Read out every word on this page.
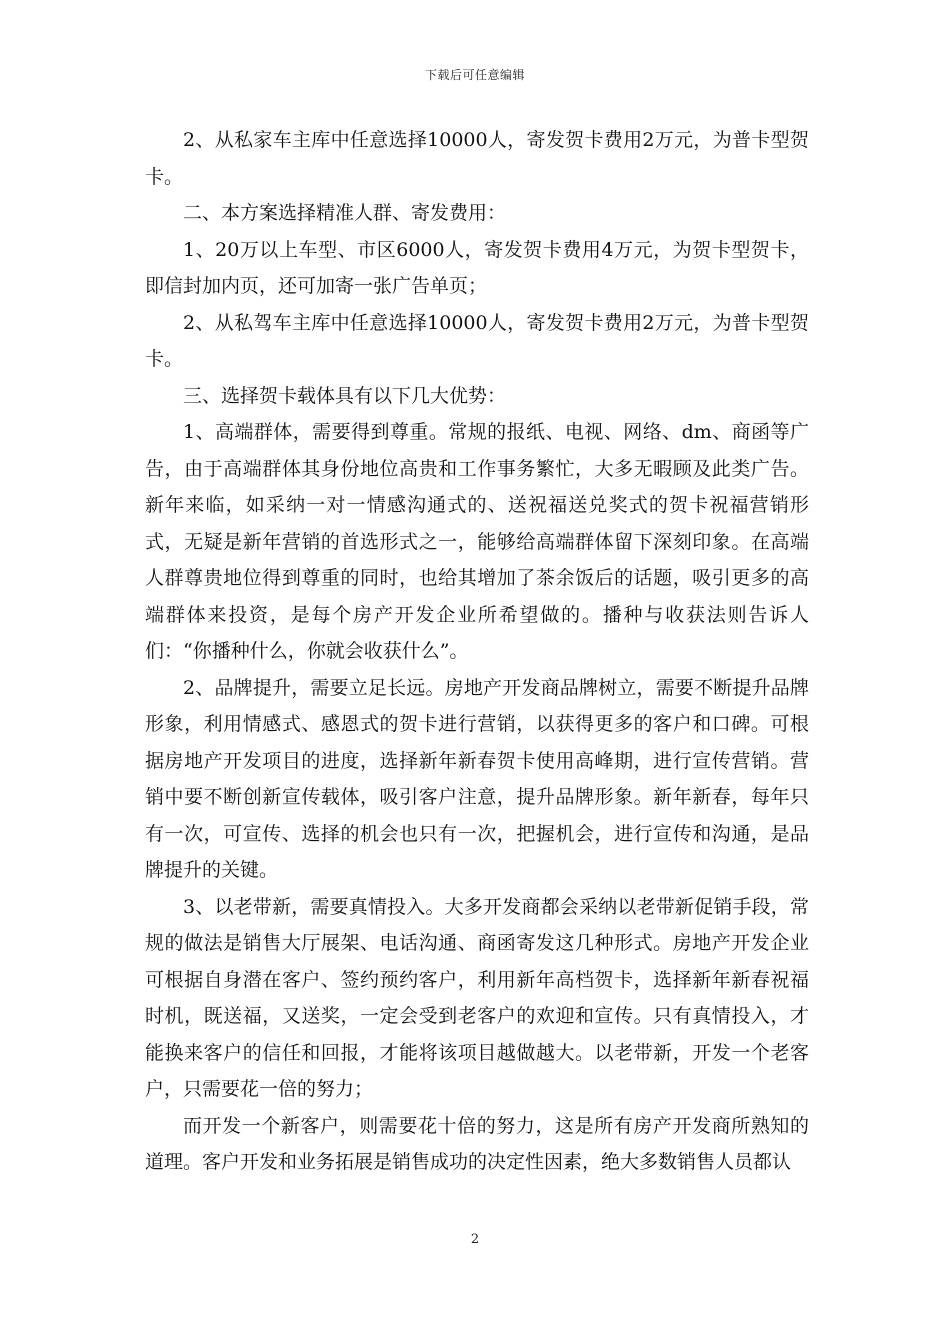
下载后可任意编辑

2、从私家车主库中任意选择10000人，寄发贺卡费用2万元，为普卡型贺卡。

二、本方案选择精准人群、寄发费用：

1、20万以上车型、市区6000人，寄发贺卡费用4万元，为贺卡型贺卡，即信封加内页，还可加寄一张广告单页；

2、从私驾车主库中任意选择10000人，寄发贺卡费用2万元，为普卡型贺卡。

三、选择贺卡载体具有以下几大优势：

1、高端群体，需要得到尊重。常规的报纸、电视、网络、dm、商函等广告，由于高端群体其身份地位高贵和工作事务繁忙，大多无暇顾及此类广告。新年来临，如采纳一对一情感沟通式的、送祝福送兑奖式的贺卡祝福营销形式，无疑是新年营销的首选形式之一，能够给高端群体留下深刻印象。在高端人群尊贵地位得到尊重的同时，也给其增加了茶余饭后的话题，吸引更多的高端群体来投资，是每个房产开发企业所希望做的。播种与收获法则告诉人们：“你播种什么，你就会收获什么”。

2、品牌提升，需要立足长远。房地产开发商品牌树立，需要不断提升品牌形象，利用情感式、感恩式的贺卡进行营销，以获得更多的客户和口碑。可根据房地产开发项目的进度，选择新年新春贺卡使用高峰期，进行宣传营销。营销中要不断创新宣传载体，吸引客户注意，提升品牌形象。新年新春，每年只有一次，可宣传、选择的机会也只有一次，把握机会，进行宣传和沟通，是品牌提升的关键。

3、以老带新，需要真情投入。大多开发商都会采纳以老带新促销手段，常规的做法是销售大厅展架、电话沟通、商函寄发这几种形式。房地产开发企业可根据自身潜在客户、签约预约客户，利用新年高档贺卡，选择新年新春祝福时机，既送福，又送奖，一定会受到老客户的欢迎和宣传。只有真情投入，才能换来客户的信任和回报，才能将该项目越做越大。以老带新，开发一个老客户，只需要花一倍的努力；

而开发一个新客户，则需要花十倍的努力，这是所有房产开发商所熟知的道理。客户开发和业务拓展是销售成功的决定性因素，绝大多数销售人员都认

2
